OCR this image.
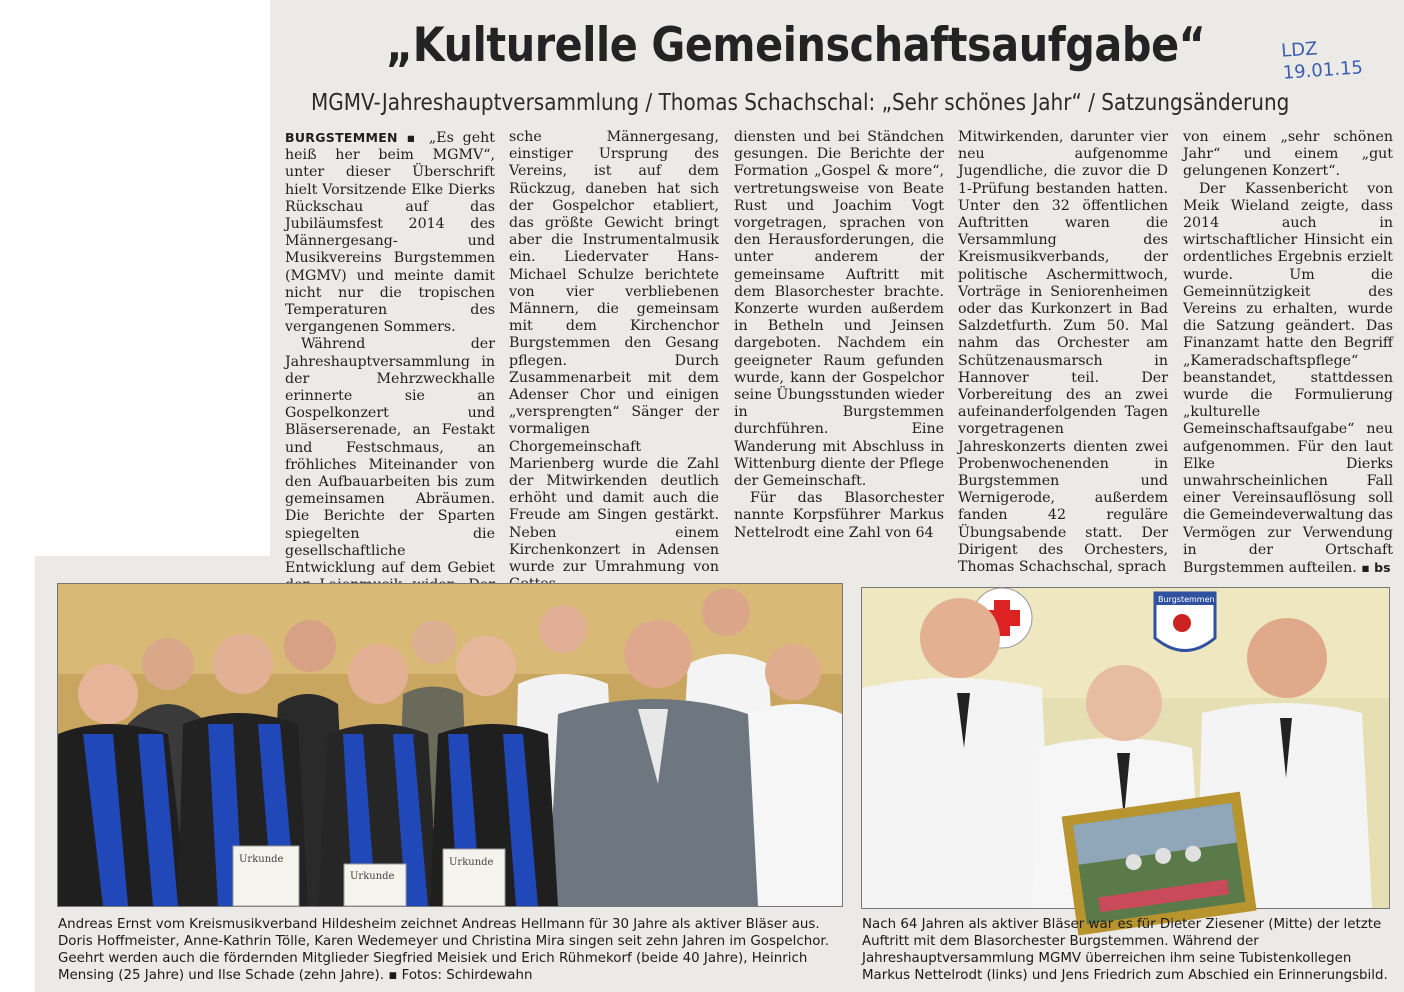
„Kulturelle Gemeinschaftsaufgabe“	LDZ
19.01.15
MGMV-Jahreshauptversammlung / Thomas Schachschal: „Sehr schönes Jahr“ / Satzungsänderung

BURGSTEMMEN ▪ „Es geht heiß her beim MGMV“, unter dieser Überschrift hielt Vorsitzende Elke Dierks Rückschau auf das Jubiläumsfest 2014 des Männergesang- und Musikvereins Burgstemmen (MGMV) und meinte damit nicht nur die tropischen Temperaturen des vergangenen Sommers.

Während der Jahreshauptversammlung in der Mehrzweckhalle erinnerte sie an Gospelkonzert und Bläserserenade, an Festakt und Festschmaus, an fröhliches Miteinander von den Aufbauarbeiten bis zum gemeinsamen Abräumen. Die Berichte der Sparten spiegelten die gesellschaftliche Entwicklung auf dem Gebiet

sche Männergesang, einstiger Ursprung des Vereins, ist auf dem Rückzug, daneben hat sich der Gospelchor etabliert, das größte Gewicht bringt aber die Instrumentalmusik ein. Liedervater Hans-Michael Schulze berichtete von vier verbliebenen Männern, die gemeinsam mit dem Kirchenchor Burgstemmen den Gesang pflegen. Durch Zusammenarbeit mit dem Adenser Chor und einigen „versprengten“ Sänger der vormaligen Chorgemeinschaft Marienberg wurde die Zahl der Mitwirkenden deutlich erhöht und damit auch die Freude am Singen gestärkt. Neben einem Kirchenkonzert in Adensen wurde zur Umrahmung von

diensten und bei Ständchen gesungen. Die Berichte der Formation „Gospel & more“, vertretungsweise von Beate Rust und Joachim Vogt vorgetragen, sprachen von den Herausforderungen, die unter anderem der gemeinsame Auftritt mit dem Blasorchester brachte. Konzerte wurden außerdem in Betheln und Jeinsen dargeboten. Nachdem ein geeigneter Raum gefunden wurde, kann der Gospelchor seine Übungsstunden wieder in Burgstemmen durchführen. Eine Wanderung mit Abschluss in Wittenburg diente der Pflege der Gemeinschaft.

Für das Blasorchester nannte Korpsführer Markus Nettelrodt eine Zahl von 64

Mitwirkenden, darunter vier neu aufgenomme Jugendliche, die zuvor die D 1-Prüfung bestanden hatten. Unter den 32 öffentlichen Auftritten waren die Versammlung des Kreismusikverbands, der politische Aschermittwoch, Vorträge in Seniorenheimen oder das Kurkonzert in Bad Salzdetfurth. Zum 50. Mal nahm das Orchester am Schützenausmarsch in Hannover teil. Der Vorbereitung des an zwei aufeinanderfolgenden Tagen vorgetragenen Jahreskonzerts dienten zwei Probenwochenenden in Burgstemmen und Wernigerode, außerdem fanden 42 reguläre Übungsabende statt. Der Dirigent des Orchesters, Thomas Schachschal, sprach

von einem „sehr schönen Jahr“ und einem „gut gelungenen Konzert“.

Der Kassenbericht von Meik Wieland zeigte, dass 2014 auch in wirtschaftlicher Hinsicht ein ordentliches Ergebnis erzielt wurde. Um die Gemeinnützigkeit des Vereins zu erhalten, wurde die Satzung geändert. Das Finanzamt hatte den Begriff „Kameradschaftspflege“ beanstandet, stattdessen wurde die Formulierung „kulturelle Gemeinschaftsaufgabe“ neu aufgenommen. Für den laut Elke Dierks unwahrscheinlichen Fall einer Vereinsauflösung soll die Gemeindeverwaltung das Vermögen zur Verwendung in der Ortschaft Burgstemmen aufteilen. ▪ bs

Urkunde
Urkunde
Urkunde
Burgstemmen
Andreas Ernst vom Kreismusikverband Hildesheim zeichnet Andreas Hellmann für 30 Jahre als aktiver Bläser aus. Doris Hoffmeister, Anne-Kathrin Tölle, Karen Wedemeyer und Christina Mira singen seit zehn Jahren im Gospelchor. Geehrt werden auch die fördernden Mitglieder Siegfried Meisiek und Erich Rühmekorf (beide 40 Jahre), Heinrich Mensing (25 Jahre) und Ilse Schade (zehn Jahre). ▪ Fotos: Schirdewahn
Nach 64 Jahren als aktiver Bläser war es für Dieter Ziesener (Mitte) der letzte Auftritt mit dem Blasorchester Burgstemmen. Während der Jahreshauptversammlung MGMV überreichen ihm seine Tubistenkollegen Markus Nettelrodt (links) und Jens Friedrich zum Abschied ein Erinnerungsbild.
